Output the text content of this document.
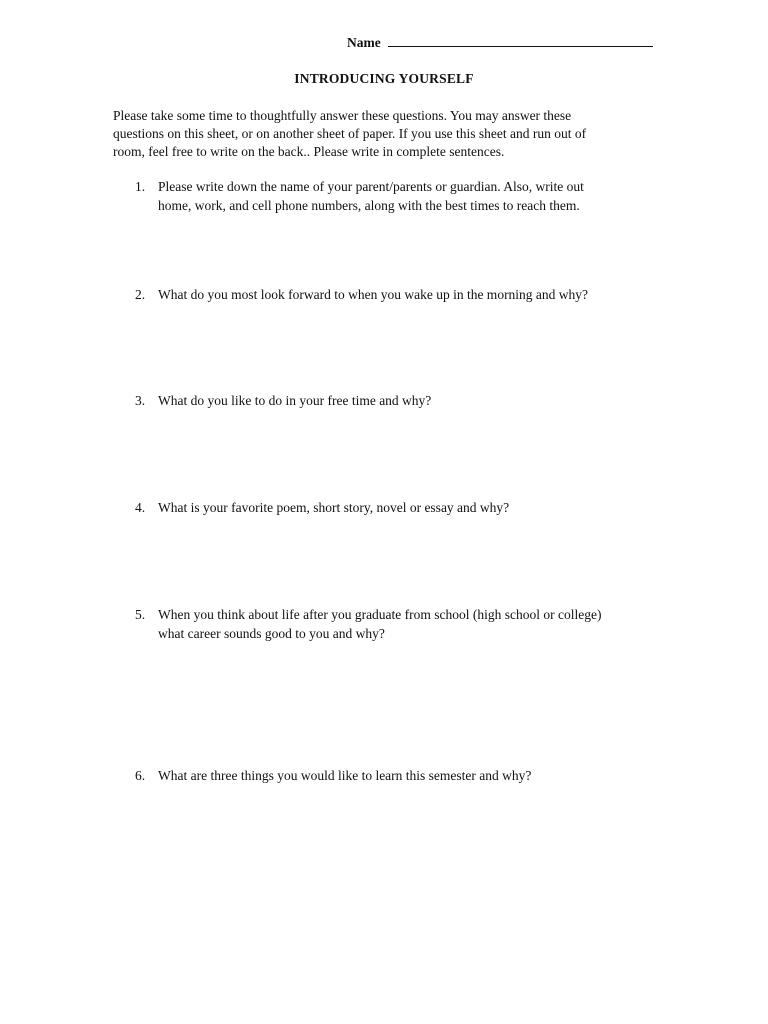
Name
INTRODUCING YOURSELF
Please take some time to thoughtfully answer these questions. You may answer these
questions on this sheet, or on another sheet of paper. If you use this sheet and run out of
room, feel free to write on the back.. Please write in complete sentences.
1. Please write down the name of your parent/parents or guardian. Also, write out
home, work, and cell phone numbers, along with the best times to reach them.
2. What do you most look forward to when you wake up in the morning and why?
3. What do you like to do in your free time and why?
4. What is your favorite poem, short story, novel or essay and why?
5. When you think about life after you graduate from school (high school or college)
what career sounds good to you and why?
6. What are three things you would like to learn this semester and why?
